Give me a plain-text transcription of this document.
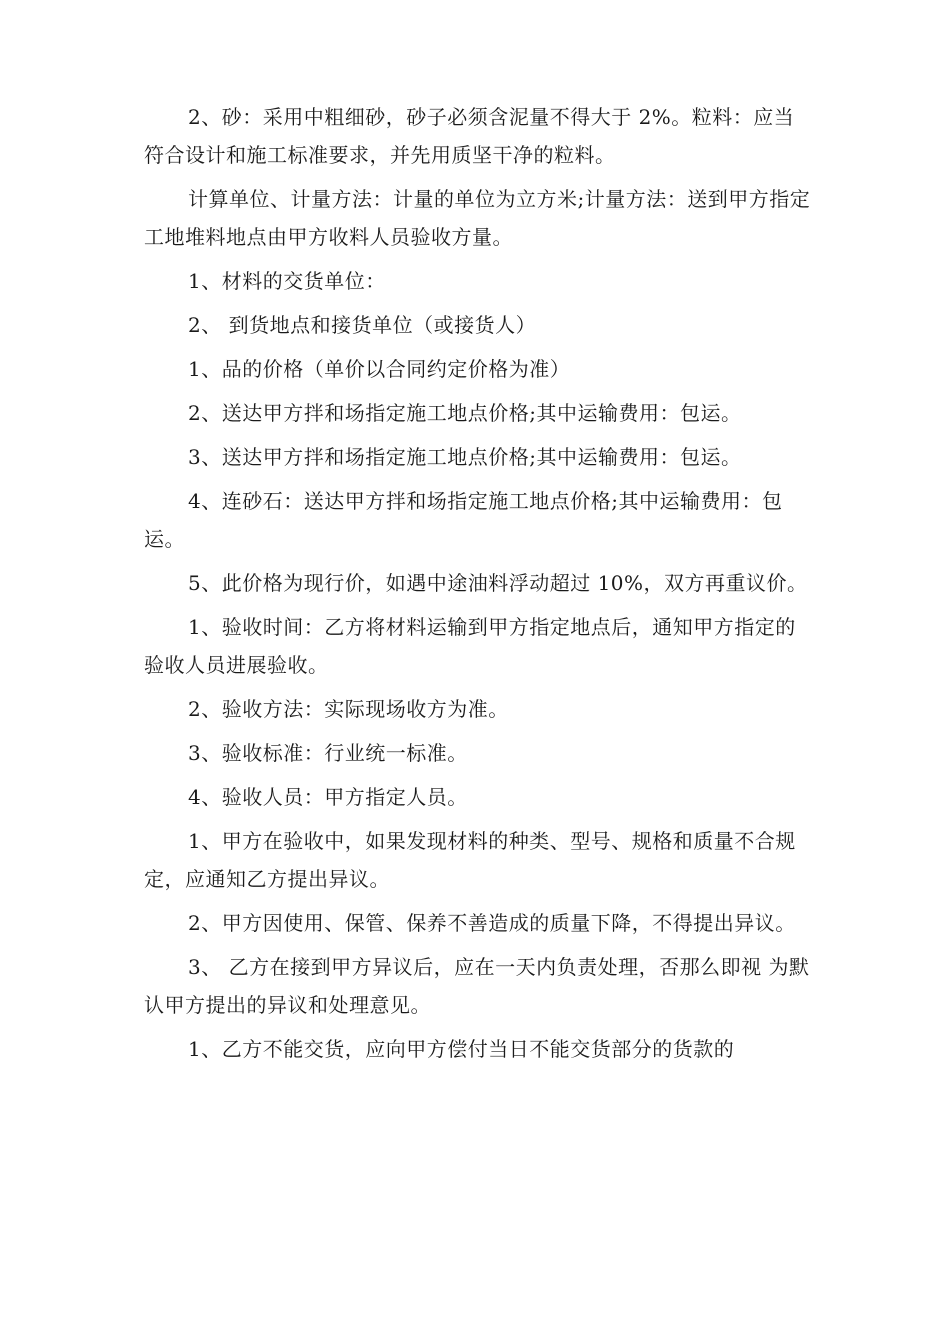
2、砂：采用中粗细砂，砂子必须含泥量不得大于 2%。粒料：应当符合设计和施工标准要求，并先用质坚干净的粒料。

计算单位、计量方法：计量的单位为立方米;计量方法：送到甲方指定工地堆料地点由甲方收料人员验收方量。

1、材料的交货单位：

2、 到货地点和接货单位（或接货人）

1、品的价格（单价以合同约定价格为准）

2、送达甲方拌和场指定施工地点价格;其中运输费用：包运。

3、送达甲方拌和场指定施工地点价格;其中运输费用：包运。

4、连砂石：送达甲方拌和场指定施工地点价格;其中运输费用：包运。

5、此价格为现行价，如遇中途油料浮动超过 10%，双方再重议价。

1、验收时间：乙方将材料运输到甲方指定地点后，通知甲方指定的验收人员进展验收。

2、验收方法：实际现场收方为准。

3、验收标准：行业统一标准。

4、验收人员：甲方指定人员。

1、甲方在验收中，如果发现材料的种类、型号、规格和质量不合规定，应通知乙方提出异议。

2、甲方因使用、保管、保养不善造成的质量下降，不得提出异议。

3、 乙方在接到甲方异议后，应在一天内负责处理，否那么即视 为默认甲方提出的异议和处理意见。

1、乙方不能交货，应向甲方偿付当日不能交货部分的货款的
